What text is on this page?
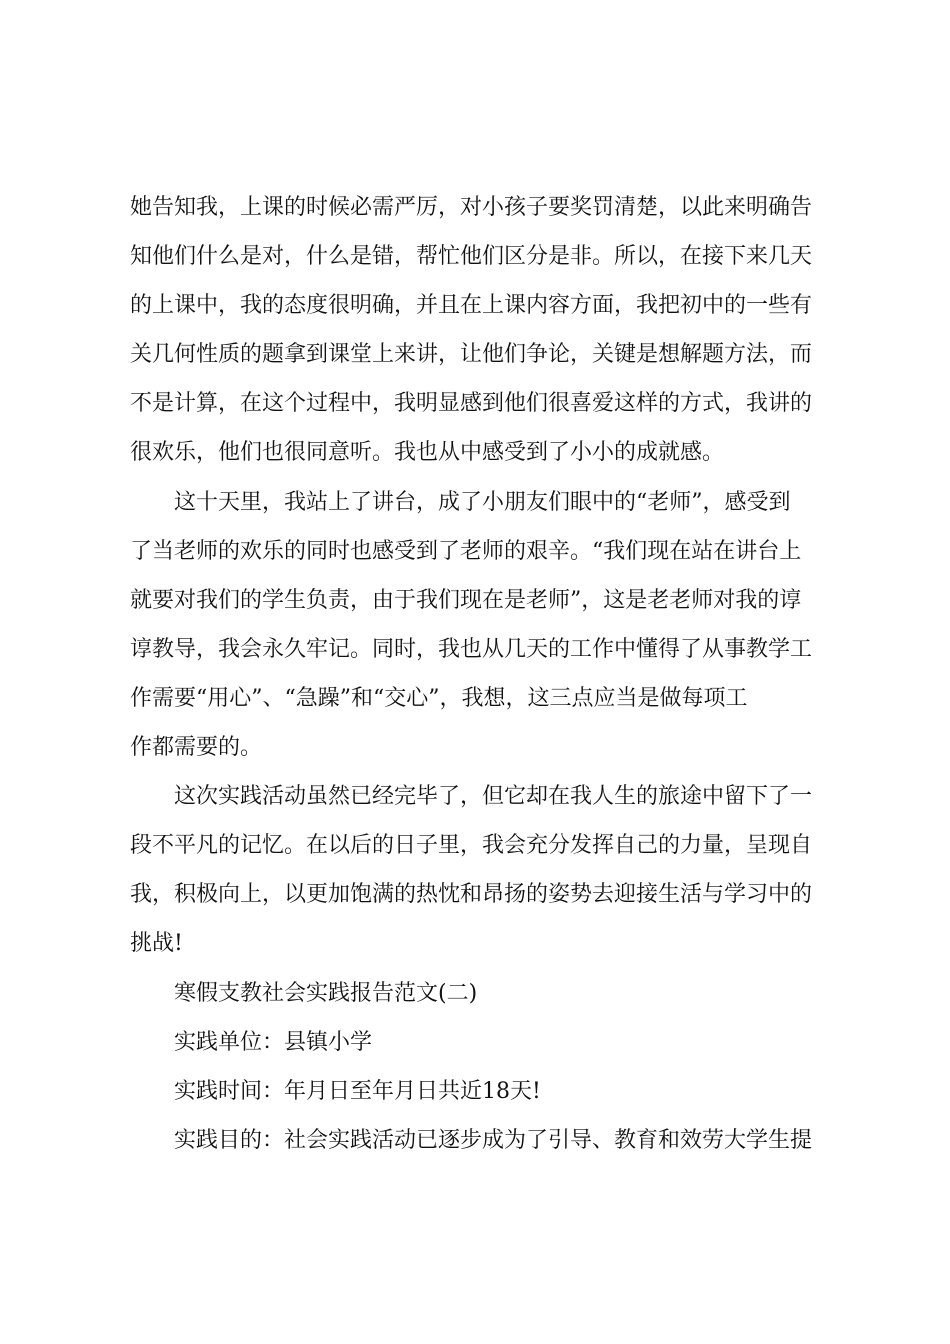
她告知我，上课的时候必需严厉，对小孩子要奖罚清楚，以此来明确告
知他们什么是对，什么是错，帮忙他们区分是非。所以，在接下来几天
的上课中，我的态度很明确，并且在上课内容方面，我把初中的一些有
关几何性质的题拿到课堂上来讲，让他们争论，关键是想解题方法，而
不是计算，在这个过程中，我明显感到他们很喜爱这样的方式，我讲的
很欢乐，他们也很同意听。我也从中感受到了小小的成就感。
这十天里，我站上了讲台，成了小朋友们眼中的“老师”，感受到
了当老师的欢乐的同时也感受到了老师的艰辛。“我们现在站在讲台上
就要对我们的学生负责，由于我们现在是老师”，这是老老师对我的谆
谆教导，我会永久牢记。同时，我也从几天的工作中懂得了从事教学工
作需要“用心”、“急躁”和“交心”，我想，这三点应当是做每项工
作都需要的。
这次实践活动虽然已经完毕了，但它却在我人生的旅途中留下了一
段不平凡的记忆。在以后的日子里，我会充分发挥自己的力量，呈现自
我，积极向上，以更加饱满的热忱和昂扬的姿势去迎接生活与学习中的
挑战!
寒假支教社会实践报告范文(二)
实践单位：县镇小学
实践时间：年月日至年月日共近18天!
实践目的：社会实践活动已逐步成为了引导、教育和效劳大学生提
